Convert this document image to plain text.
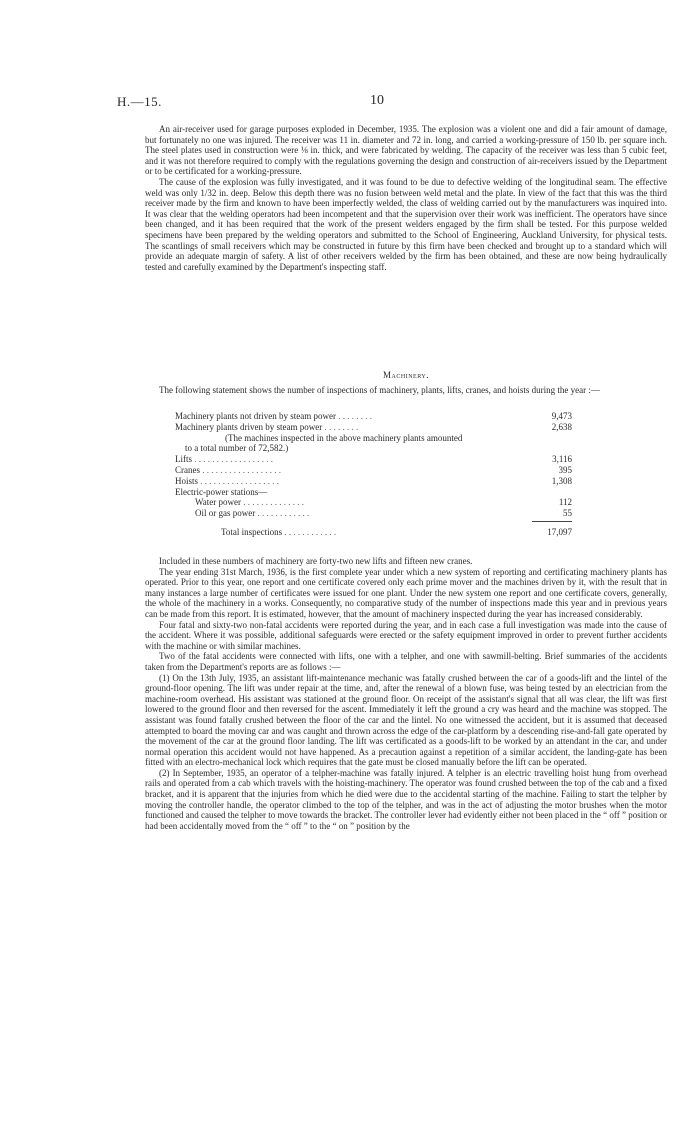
H.—15.	10

An air-receiver used for garage purposes exploded in December, 1935. The explosion was a violent one and did a fair amount of damage, but fortunately no one was injured. The receiver was 11 in. diameter and 72 in. long, and carried a working-pressure of 150 lb. per square inch. The steel plates used in construction were ⅛ in. thick, and were fabricated by welding. The capacity of the receiver was less than 5 cubic feet, and it was not therefore required to comply with the regulations governing the design and construction of air-receivers issued by the Department or to be certificated for a working-pressure.

The cause of the explosion was fully investigated, and it was found to be due to defective welding of the longitudinal seam. The effective weld was only 1/32 in. deep. Below this depth there was no fusion between weld metal and the plate. In view of the fact that this was the third receiver made by the firm and known to have been imperfectly welded, the class of welding carried out by the manufacturers was inquired into. It was clear that the welding operators had been incompetent and that the supervision over their work was inefficient. The operators have since been changed, and it has been required that the work of the present welders engaged by the firm shall be tested. For this purpose welded specimens have been prepared by the welding operators and submitted to the School of Engineering, Auckland University, for physical tests. The scantlings of small receivers which may be constructed in future by this firm have been checked and brought up to a standard which will provide an adequate margin of safety. A list of other receivers welded by the firm has been obtained, and these are now being hydraulically tested and carefully examined by the Department's inspecting staff.

Machinery.

The following statement shows the number of inspections of machinery, plants, lifts, cranes, and hoists during the year :—

Machinery plants not driven by steam power . . . . . . . .	9,473
Machinery plants driven by steam power . . . . . . . .	2,638
(The machines inspected in the above machinery plants amounted
to a total number of 72,582.)
Lifts . . . . . . . . . . . . . . . . . .	3,116
Cranes . . . . . . . . . . . . . . . . . .	395
Hoists . . . . . . . . . . . . . . . . . .	1,308
Electric-power stations—
Water power . . . . . . . . . . . . . .	112
Oil or gas power . . . . . . . . . . . .	55
Total inspections . . . . . . . . . . . .	17,097

Included in these numbers of machinery are forty-two new lifts and fifteen new cranes.

The year ending 31st March, 1936, is the first complete year under which a new system of reporting and certificating machinery plants has operated. Prior to this year, one report and one certificate covered only each prime mover and the machines driven by it, with the result that in many instances a large number of certificates were issued for one plant. Under the new system one report and one certificate covers, generally, the whole of the machinery in a works. Consequently, no comparative study of the number of inspections made this year and in previous years can be made from this report. It is estimated, however, that the amount of machinery inspected during the year has increased considerably.

Four fatal and sixty-two non-fatal accidents were reported during the year, and in each case a full investigation was made into the cause of the accident. Where it was possible, additional safeguards were erected or the safety equipment improved in order to prevent further accidents with the machine or with similar machines.

Two of the fatal accidents were connected with lifts, one with a telpher, and one with sawmill-belting. Brief summaries of the accidents taken from the Department's reports are as follows :—

(1) On the 13th July, 1935, an assistant lift-maintenance mechanic was fatally crushed between the car of a goods-lift and the lintel of the ground-floor opening. The lift was under repair at the time, and, after the renewal of a blown fuse, was being tested by an electrician from the machine-room overhead. His assistant was stationed at the ground floor. On receipt of the assistant's signal that all was clear, the lift was first lowered to the ground floor and then reversed for the ascent. Immediately it left the ground a cry was heard and the machine was stopped. The assistant was found fatally crushed between the floor of the car and the lintel. No one witnessed the accident, but it is assumed that deceased attempted to board the moving car and was caught and thrown across the edge of the car-platform by a descending rise-and-fall gate operated by the movement of the car at the ground floor landing. The lift was certificated as a goods-lift to be worked by an attendant in the car, and under normal operation this accident would not have happened. As a precaution against a repetition of a similar accident, the landing-gate has been fitted with an electro-mechanical lock which requires that the gate must be closed manually before the lift can be operated.

(2) In September, 1935, an operator of a telpher-machine was fatally injured. A telpher is an electric travelling hoist hung from overhead rails and operated from a cab which travels with the hoisting-machinery. The operator was found crushed between the top of the cab and a fixed bracket, and it is apparent that the injuries from which he died were due to the accidental starting of the machine. Failing to start the telpher by moving the controller handle, the operator climbed to the top of the telpher, and was in the act of adjusting the motor brushes when the motor functioned and caused the telpher to move towards the bracket. The controller lever had evidently either not been placed in the “ off ” position or had been accidentally moved from the “ off ” to the “ on ” position by the
